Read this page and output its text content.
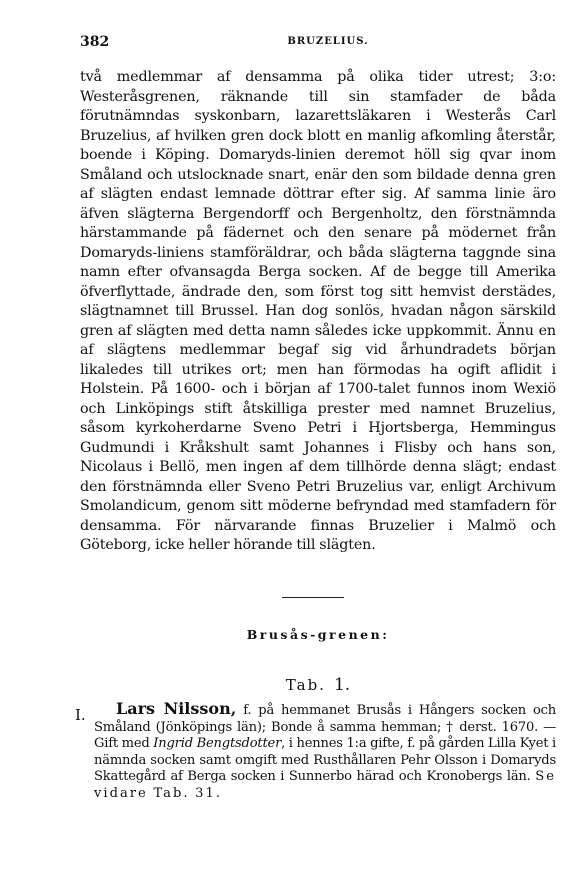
382	BRUZELIUS.

två medlemmar af densamma på olika tider utrest; 3:o: Westeråsgrenen, räknande till sin stamfader de båda förutnämndas syskonbarn, lazarettsläkaren i Westerås Carl Bruzelius, af hvilken gren dock blott en manlig afkomling återstår, boende i Köping. Domaryds-linien deremot höll sig qvar inom Småland och utslocknade snart, enär den som bildade denna gren af slägten endast lemnade döttrar efter sig. Af samma linie äro äfven slägterna Bergendorff och Bergenholtz, den förstnämnda härstammande på fädernet och den senare på mödernet från Domaryds-liniens stamföräldrar, och båda slägterna taggnde sina namn efter ofvansagda Berga socken. Af de begge till Amerika öfverflyttade, ändrade den, som först tog sitt hemvist derstädes, slägtnamnet till Brussel. Han dog sonlös, hvadan någon särskild gren af slägten med detta namn således icke uppkommit. Ännu en af slägtens medlemmar begaf sig vid århundradets början likaledes till utrikes ort; men han förmodas ha ogift aflidit i Holstein. På 1600- och i början af 1700-talet funnos inom Wexiö och Linköpings stift åtskilliga prester med namnet Bruzelius, såsom kyrkoherdarne Sveno Petri i Hjortsberga, Hemmingus Gudmundi i Kråkshult samt Johannes i Flisby och hans son, Nicolaus i Bellö, men ingen af dem tillhörde denna slägt; endast den förstnämnda eller Sveno Petri Bruzelius var, enligt Archivum Smolandicum, genom sitt möderne befryndad med stamfadern för densamma. För närvarande finnas Bruzelier i Malmö och Göteborg, icke heller hörande till slägten.

Brusås-grenen:
Tab. 1.
I.	Lars Nilsson, f. på hemmanet Brusås i Hångers socken och Småland (Jönköpings län); Bonde å samma hemman; † derst. 1670. — Gift med Ingrid Bengtsdotter, i hennes 1:a gifte, f. på gården Lilla Kyet i nämnda socken samt omgift med Rusthållaren Pehr Olsson i Domaryds Skattegård af Berga socken i Sunnerbo härad och Kronobergs län. Se vidare Tab. 31.
